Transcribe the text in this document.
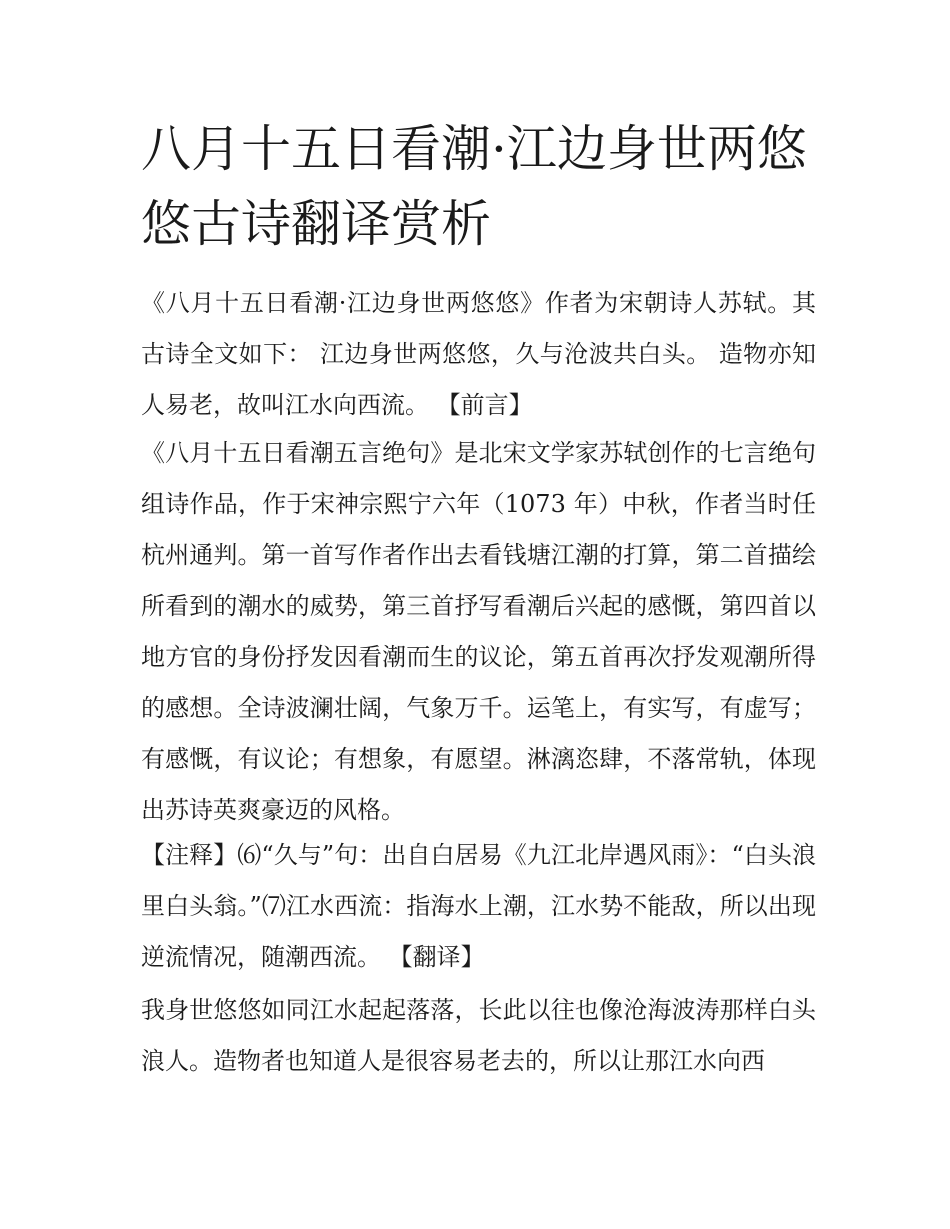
八月十五日看潮·江边身世两悠悠古诗翻译赏析

《八月十五日看潮·江边身世两悠悠》作者为宋朝诗人苏轼。其古诗全文如下： 江边身世两悠悠，久与沧波共白头。 造物亦知人易老，故叫江水向西流。 【前言】

《八月十五日看潮五言绝句》是北宋文学家苏轼创作的七言绝句组诗作品，作于宋神宗熙宁六年（1073 年）中秋，作者当时任杭州通判。第一首写作者作出去看钱塘江潮的打算，第二首描绘所看到的潮水的威势，第三首抒写看潮后兴起的感慨，第四首以地方官的身份抒发因看潮而生的议论，第五首再次抒发观潮所得的感想。全诗波澜壮阔，气象万千。运笔上，有实写，有虚写；有感慨，有议论；有想象，有愿望。淋漓恣肆，不落常轨，体现出苏诗英爽豪迈的风格。

【注释】⑹“久与”句：出自白居易《九江北岸遇风雨》：“白头浪里白头翁。”⑺江水西流：指海水上潮，江水势不能敌，所以出现逆流情况，随潮西流。 【翻译】

我身世悠悠如同江水起起落落，长此以往也像沧海波涛那样白头浪人。造物者也知道人是很容易老去的，所以让那江水向西
